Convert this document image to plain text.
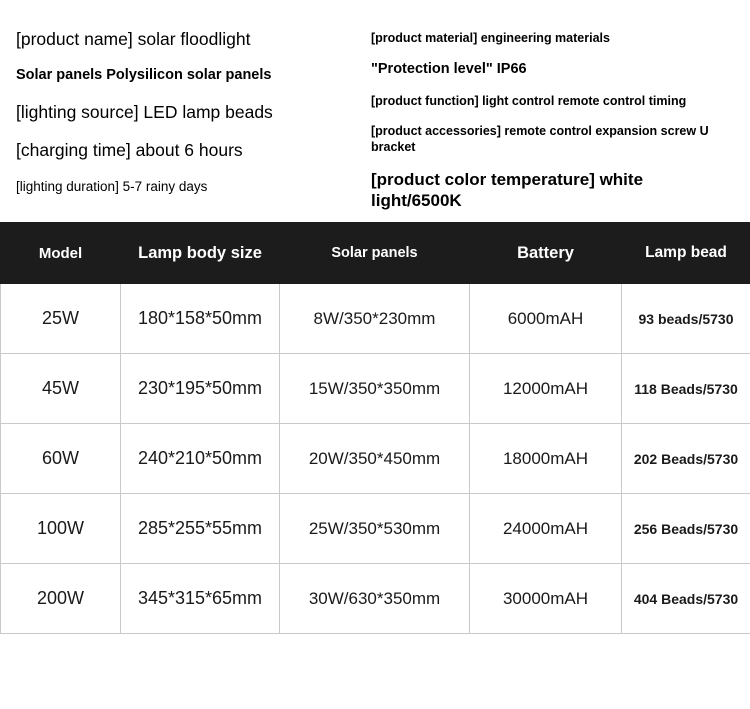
[product name] solar floodlight
Solar panels Polysilicon solar panels
[lighting source] LED lamp beads
[charging time] about 6 hours
[lighting duration] 5-7 rainy days
[product material] engineering materials
"Protection level" IP66
[product function] light control remote control timing
[product accessories] remote control expansion screw U bracket
[product color temperature] white light/6500K
Model	Lamp body size	Solar panels	Battery	Lamp bead
25W	180*158*50mm	8W/350*230mm	6000mAH	93 beads/5730
45W	230*195*50mm	15W/350*350mm	12000mAH	118 Beads/5730
60W	240*210*50mm	20W/350*450mm	18000mAH	202 Beads/5730
100W	285*255*55mm	25W/350*530mm	24000mAH	256 Beads/5730
200W	345*315*65mm	30W/630*350mm	30000mAH	404 Beads/5730
